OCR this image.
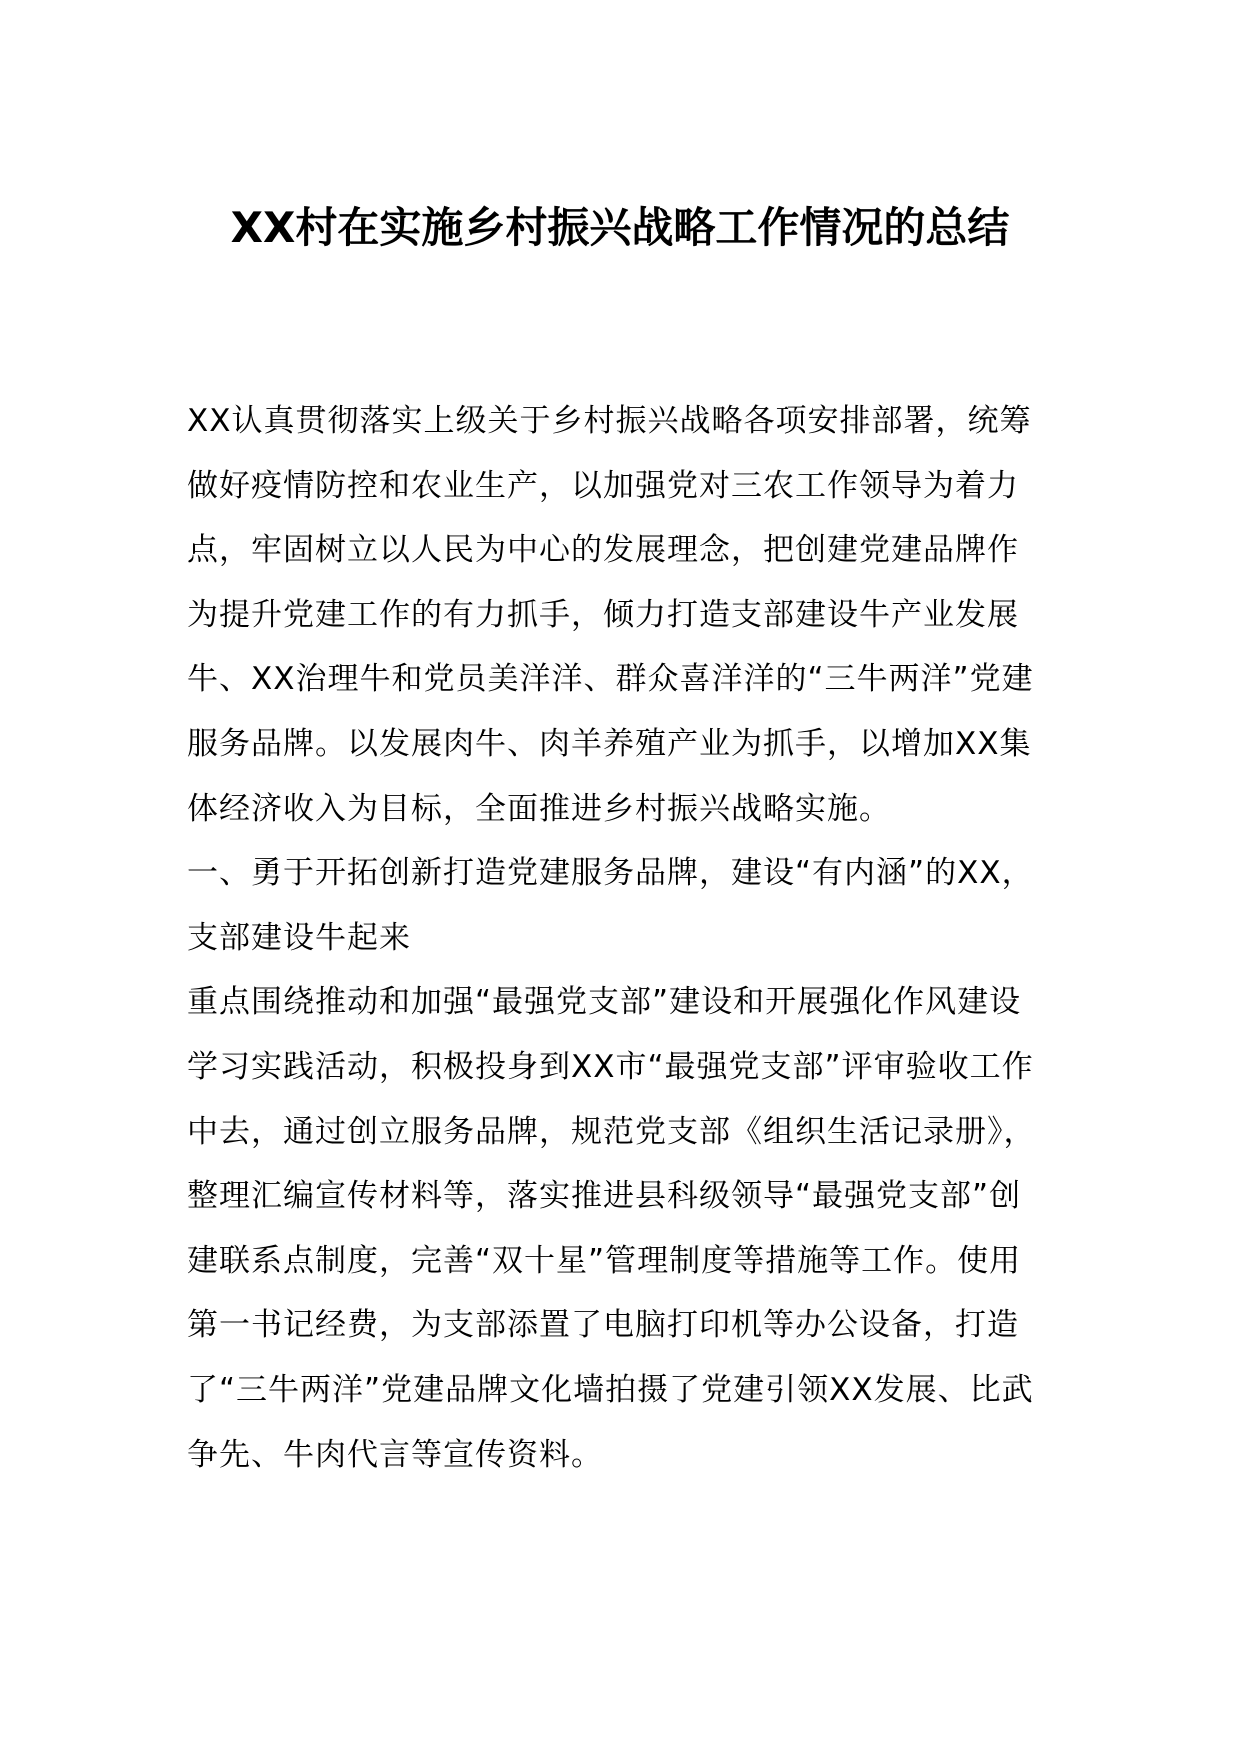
XX村在实施乡村振兴战略工作情况的总结

XX认真贯彻落实上级关于乡村振兴战略各项安排部署，统筹做好疫情防控和农业生产，以加强党对三农工作领导为着力点，牢固树立以人民为中心的发展理念，把创建党建品牌作为提升党建工作的有力抓手，倾力打造支部建设牛产业发展牛、XX治理牛和党员美洋洋、群众喜洋洋的“三牛两洋”党建服务品牌。以发展肉牛、肉羊养殖产业为抓手，以增加XX集体经济收入为目标，全面推进乡村振兴战略实施。

一、勇于开拓创新打造党建服务品牌，建设“有内涵”的XX，支部建设牛起来

重点围绕推动和加强“最强党支部”建设和开展强化作风建设学习实践活动，积极投身到XX市“最强党支部”评审验收工作中去，通过创立服务品牌，规范党支部《组织生活记录册》，整理汇编宣传材料等，落实推进县科级领导“最强党支部”创建联系点制度，完善“双十星”管理制度等措施等工作。使用第一书记经费，为支部添置了电脑打印机等办公设备，打造了“三牛两洋”党建品牌文化墙拍摄了党建引领XX发展、比武争先、牛肉代言等宣传资料。
